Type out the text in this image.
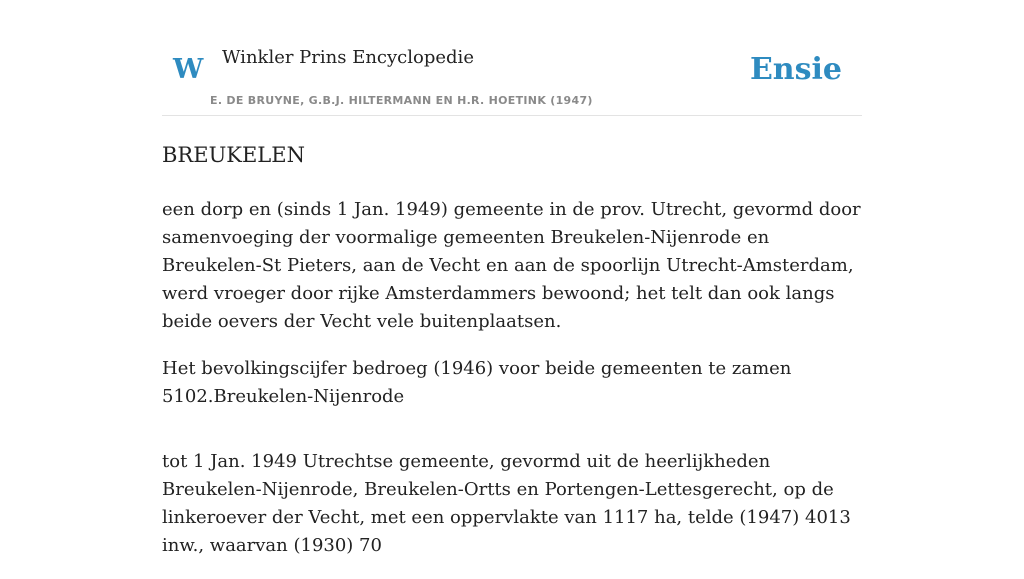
W Winkler Prins Encyclopedie
E. DE BRUYNE, G.B.J. HILTERMANN EN H.R. HOETINK (1947)
Ensie
BREUKELEN

een dorp en (sinds 1 Jan. 1949) gemeente in de prov. Utrecht, gevormd door samenvoeging der voormalige gemeenten Breukelen-Nijenrode en Breukelen-St Pieters, aan de Vecht en aan de spoorlijn Utrecht-Amsterdam, werd vroeger door rijke Amsterdammers bewoond; het telt dan ook langs beide oevers der Vecht vele buitenplaatsen.

Het bevolkingscijfer bedroeg (1946) voor beide gemeenten te zamen 5102.Breukelen-Nijenrode

tot 1 Jan. 1949 Utrechtse gemeente, gevormd uit de heerlijkheden Breukelen-Nijenrode, Breukelen-Ortts en Portengen-Lettesgerecht, op de linkeroever der Vecht, met een oppervlakte van 1117 ha, telde (1947) 4013 inw., waarvan (1930) 70
